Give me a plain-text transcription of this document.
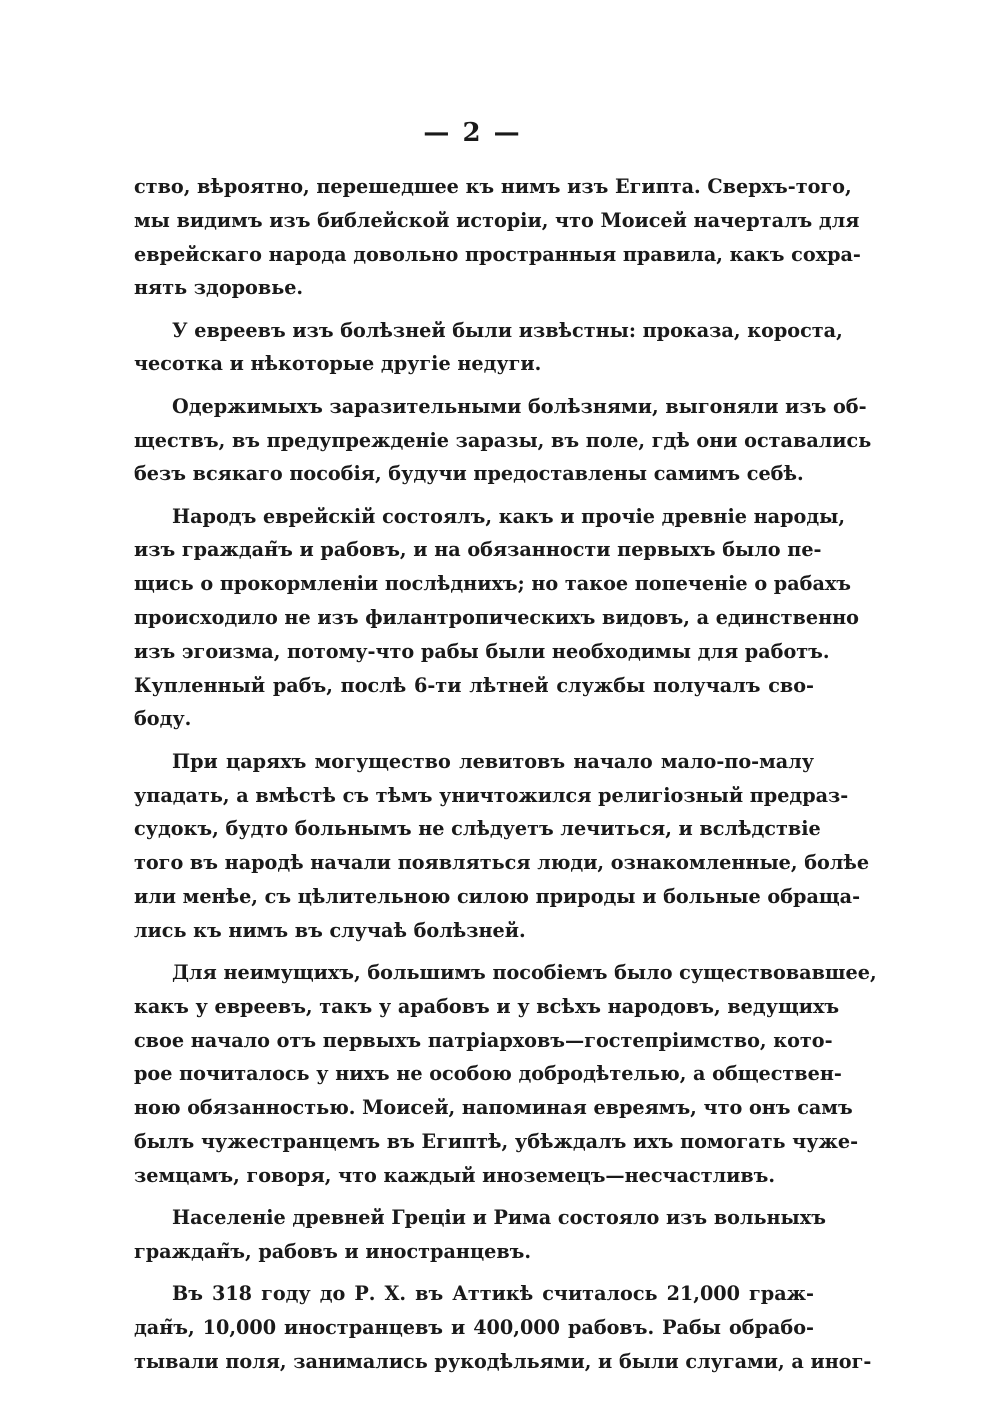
— 2 —
ство, вѣроятно, перешедшее къ нимъ изъ Египта. Сверхъ-того,
мы видимъ изъ библейской исторіи, что Моисей начерталъ для
еврейскаго народа довольно пространныя правила, какъ сохра-
нять здоровье.
У евреевъ изъ болѣзней были извѣстны: проказа, короста,
чесотка и нѣкоторые другіе недуги.
Одержимыхъ заразительными болѣзнями, выгоняли изъ об-
ществъ, въ предупрежденіе заразы, въ поле, гдѣ они оставались
безъ всякаго пособія, будучи предоставлены самимъ себѣ.
Народъ еврейскій состоялъ, какъ и прочіе древніе народы,
изъ граждан̃ъ и рабовъ, и на обязанности первыхъ было пе-
щись о прокормленіи послѣднихъ; но такое попеченіе о рабахъ
происходило не изъ филантропическихъ видовъ, а единственно
изъ эгоизма, потому-что рабы были необходимы для работъ.
Купленный рабъ, послѣ 6-ти лѣтней службы получалъ сво-
боду.
При царяхъ могущество левитовъ начало мало-по-малу
упадать, а вмѣстѣ съ тѣмъ уничтожился религіозный предраз-
судокъ, будто больнымъ не слѣдуетъ лечиться, и вслѣдствіе
того въ народѣ начали появляться люди, ознакомленные, болѣе
или менѣе, съ цѣлительною силою природы и больные обраща-
лись къ нимъ въ случаѣ болѣзней.
Для неимущихъ, большимъ пособіемъ было существовавшее,
какъ у евреевъ, такъ у арабовъ и у всѣхъ народовъ, ведущихъ
свое начало отъ первыхъ патріарховъ—гостепріимство, кото-
рое почиталось у нихъ не особою добродѣтелью, а обществен-
ною обязанностью. Моисей, напоминая евреямъ, что онъ самъ
былъ чужестранцемъ въ Египтѣ, убѣждалъ ихъ помогать чуже-
земцамъ, говоря, что каждый иноземецъ—несчастливъ.
Населеніе древней Греціи и Рима состояло изъ вольныхъ
граждан̃ъ, рабовъ и иностранцевъ.
Въ 318 году до Р. Х. въ Аттикѣ считалось 21,000 граж-
дан̃ъ, 10,000 иностранцевъ и 400,000 рабовъ. Рабы обрабо-
тывали поля, занимались рукодѣльями, и были слугами, а иног-
